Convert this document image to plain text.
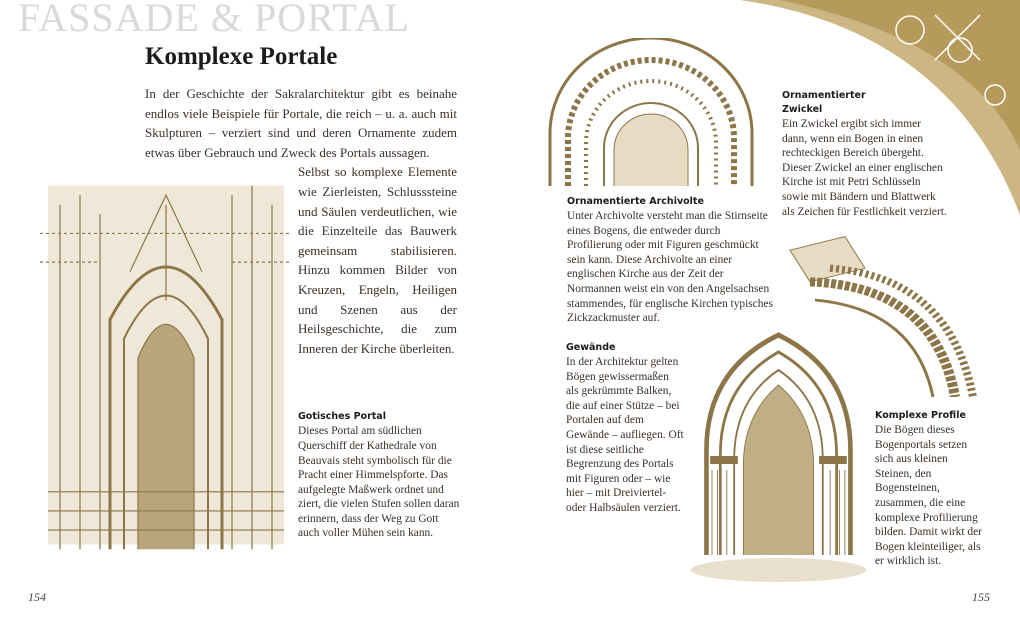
FASSADE & PORTAL
Komplexe Portale
In der Geschichte der Sakralarchitektur gibt es beinahe endlos viele Beispiele für Portale, die reich – u. a. auch mit Skulpturen – verziert sind und deren Ornamente zudem etwas über Gebrauch und Zweck des Portals aussagen.
Selbst so komplexe Elemente wie Zierleisten, Schlusssteine und Säulen verdeutlichen, wie die Einzelteile das Bauwerk gemeinsam stabilisieren. Hinzu kommen Bilder von Kreuzen, Engeln, Heiligen und Szenen aus der Heilsgeschichte, die zum Inneren der Kirche überleiten.
Gotisches Portal

Dieses Portal am südlichen Querschiff der Kathedrale von Beauvais steht symbolisch für die Pracht einer Himmelspforte. Das aufgelegte Maßwerk ordnet und ziert, die vielen Stufen sollen daran erinnern, dass der Weg zu Gott auch voller Mühen sein kann.

154
Ornamentierte Archivolte

Unter Archivolte versteht man die Stirnseite eines Bogens, die entweder durch Profilierung oder mit Figuren geschmückt sein kann. Diese Archivolte an einer englischen Kirche aus der Zeit der Normannen weist ein von den Angelsachsen stammendes, für englische Kirchen typisches Zickzackmuster auf.

Ornamentierter Zwickel

Ein Zwickel ergibt sich immer dann, wenn ein Bogen in einen rechteckigen Bereich übergeht. Dieser Zwickel an einer englischen Kirche ist mit Petri Schlüsseln sowie mit Bändern und Blattwerk als Zeichen für Festlichkeit verziert.

Gewände

In der Architektur gelten Bögen gewissermaßen als gekrümmte Balken, die auf einer Stütze – bei Portalen auf dem Gewände – aufliegen. Oft ist diese seitliche Begrenzung des Portals mit Figuren oder – wie hier – mit Dreiviertel- oder Halbsäulen verziert.

Komplexe Profile

Die Bögen dieses Bogenportals setzen sich aus kleinen Steinen, den Bogensteinen, zusammen, die eine komplexe Profilierung bilden. Damit wirkt der Bogen kleinteiliger, als er wirklich ist.

155
